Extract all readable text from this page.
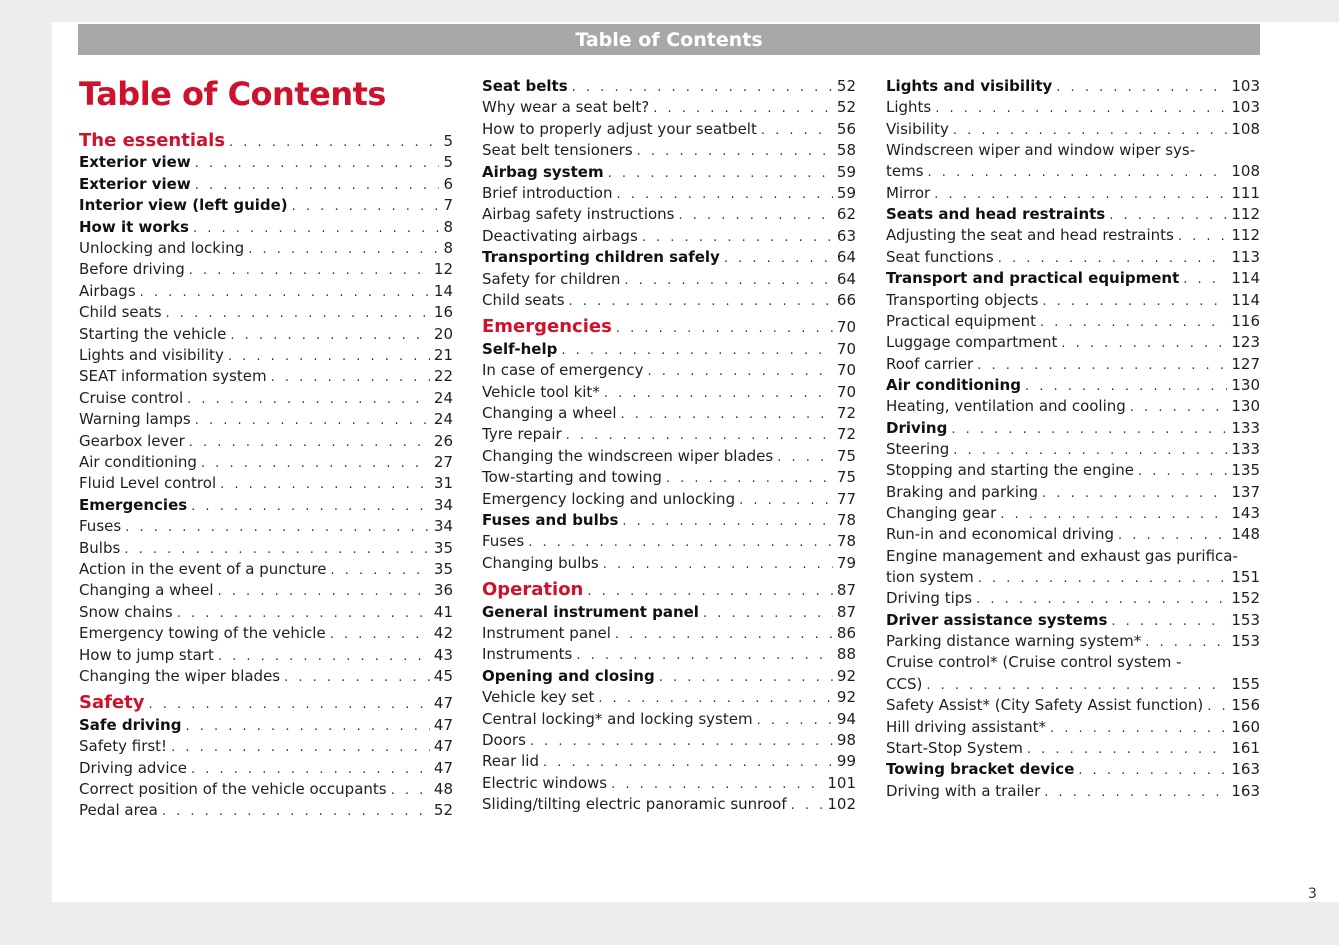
Table of Contents
Table of Contents
The essentials . . .	5
Exterior view . . .	5
Exterior view . . .	6
Interior view (left guide) . . .	7
How it works . . .	8
Unlocking and locking . . .	8
Before driving . . .	12
Airbags . . .	14
Child seats . . .	16
Starting the vehicle . . .	20
Lights and visibility . . .	21
SEAT information system . . .	22
Cruise control . . .	24
Warning lamps . . .	24
Gearbox lever . . .	26
Air conditioning . . .	27
Fluid Level control . . .	31
Emergencies . . .	34
Fuses . . .	34
Bulbs . . .	35
Action in the event of a puncture . . .	35
Changing a wheel . . .	36
Snow chains . . .	41
Emergency towing of the vehicle . . .	42
How to jump start . . .	43
Changing the wiper blades . . .	45
Safety . . .	47
Safe driving . . .	47
Safety first! . . .	47
Driving advice . . .	47
Correct position of the vehicle occupants . . .	48
Pedal area . . .	52
Seat belts . . .	52
Why wear a seat belt? . . .	52
How to properly adjust your seatbelt . . .	56
Seat belt tensioners . . .	58
Airbag system . . .	59
Brief introduction . . .	59
Airbag safety instructions . . .	62
Deactivating airbags . . .	63
Transporting children safely . . .	64
Safety for children . . .	64
Child seats . . .	66
Emergencies . . .	70
Self-help . . .	70
In case of emergency . . .	70
Vehicle tool kit* . . .	70
Changing a wheel . . .	72
Tyre repair . . .	72
Changing the windscreen wiper blades . . .	75
Tow-starting and towing . . .	75
Emergency locking and unlocking . . .	77
Fuses and bulbs . . .	78
Fuses . . .	78
Changing bulbs . . .	79
Operation . . .	87
General instrument panel . . .	87
Instrument panel . . .	86
Instruments . . .	88
Opening and closing . . .	92
Vehicle key set . . .	92
Central locking* and locking system . . .	94
Doors . . .	98
Rear lid . . .	99
Electric windows . . .	101
Sliding/tilting electric panoramic sunroof . . .	102
Lights and visibility . . .	103
Lights . . .	103
Visibility . . .	108
Windscreen wiper and window wiper sys-
tems . . .	108
Mirror . . .	111
Seats and head restraints . . .	112
Adjusting the seat and head restraints . . .	112
Seat functions . . .	113
Transport and practical equipment . . .	114
Transporting objects . . .	114
Practical equipment . . .	116
Luggage compartment . . .	123
Roof carrier . . .	127
Air conditioning . . .	130
Heating, ventilation and cooling . . .	130
Driving . . .	133
Steering . . .	133
Stopping and starting the engine . . .	135
Braking and parking . . .	137
Changing gear . . .	143
Run-in and economical driving . . .	148
Engine management and exhaust gas purifica-
tion system . . .	151
Driving tips . . .	152
Driver assistance systems . . .	153
Parking distance warning system* . . .	153
Cruise control* (Cruise control system -
CCS) . . .	155
Safety Assist* (City Safety Assist function) . . . 156
Hill driving assistant* . . .	160
Start-Stop System . . .	161
Towing bracket device . . .	163
Driving with a trailer . . .	163
3
